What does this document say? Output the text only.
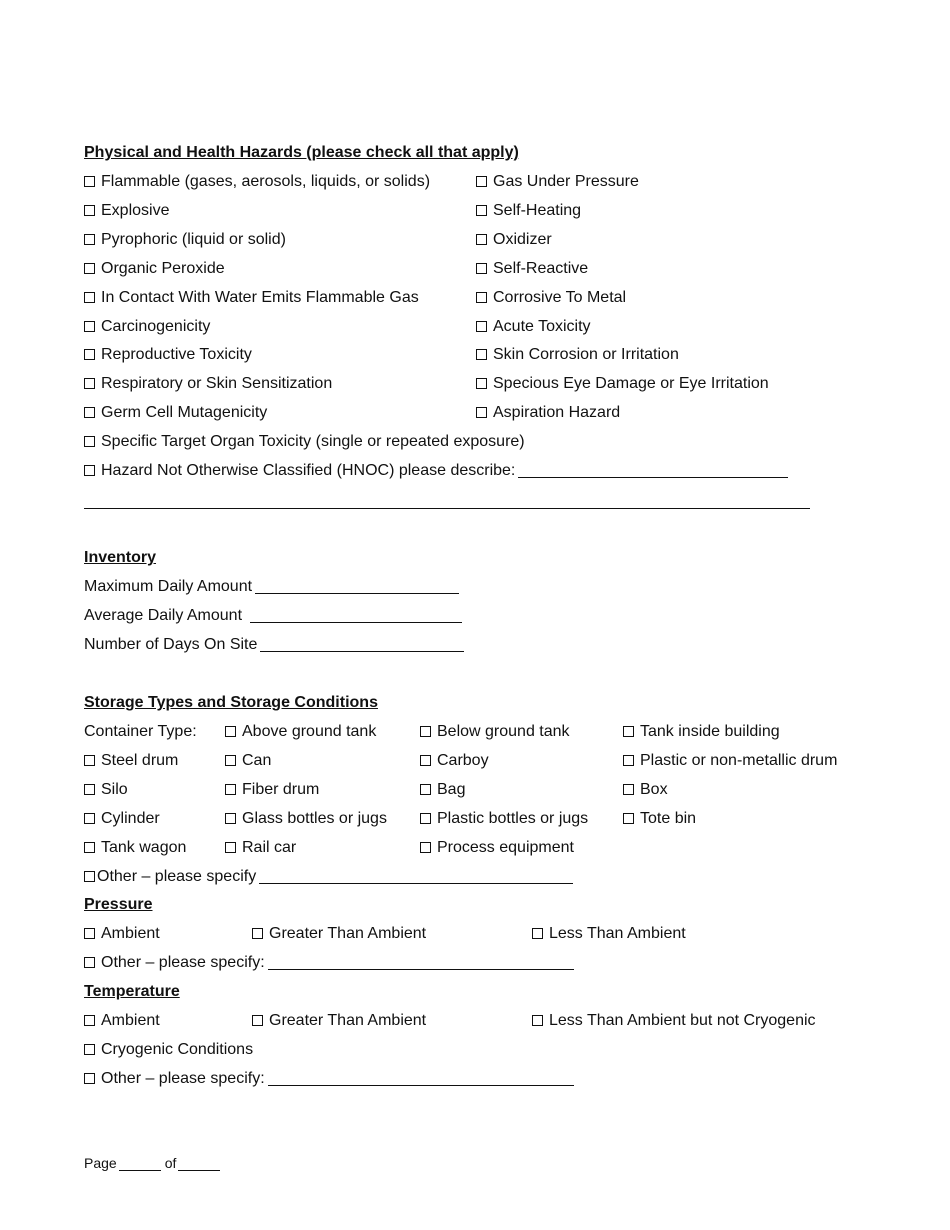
Physical and Health Hazards (please check all that apply)
Flammable (gases, aerosols, liquids, or solids)	Gas Under Pressure
Explosive	Self-Heating
Pyrophoric (liquid or solid)	Oxidizer
Organic Peroxide	Self-Reactive
In Contact With Water Emits Flammable Gas	Corrosive To Metal
Carcinogenicity	Acute Toxicity
Reproductive Toxicity	Skin Corrosion or Irritation
Respiratory or Skin Sensitization	Specious Eye Damage or Eye Irritation
Germ Cell Mutagenicity	Aspiration Hazard
Specific Target Organ Toxicity (single or repeated exposure)
Hazard Not Otherwise Classified (HNOC) please describe:
Inventory
Maximum Daily Amount
Average Daily Amount
Number of Days On Site
Storage Types and Storage Conditions
Container Type:	Above ground tank	Below ground tank	Tank inside building
Steel drum	Can	Carboy	Plastic or non-metallic drum
Silo	Fiber drum	Bag	Box
Cylinder	Glass bottles or jugs	Plastic bottles or jugs	Tote bin
Tank wagon	Rail car	Process equipment
Other – please specify
Pressure
Ambient	Greater Than Ambient	Less Than Ambient
Other – please specify:
Temperature
Ambient	Greater Than Ambient	Less Than Ambient but not Cryogenic
Cryogenic Conditions
Other – please specify:
Page	of
